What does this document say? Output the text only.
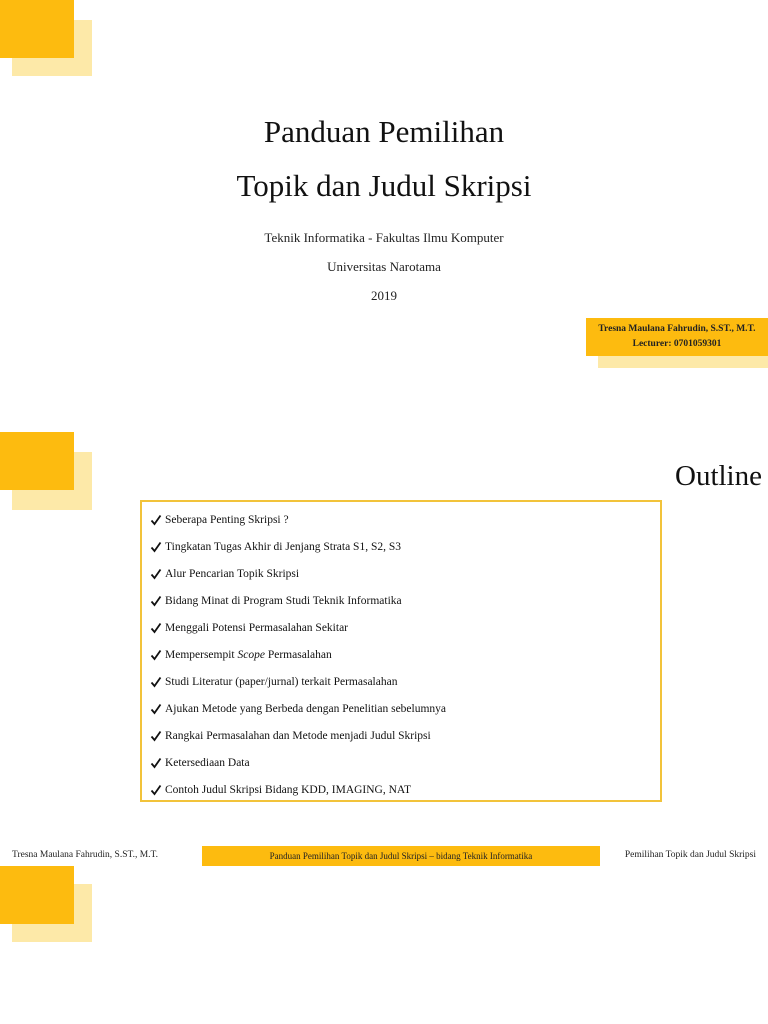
Panduan Pemilihan
Topik dan Judul Skripsi
Teknik Informatika - Fakultas Ilmu Komputer
Universitas Narotama
2019
Tresna Maulana Fahrudin, S.ST., M.T.
Lecturer: 0701059301
Outline
Seberapa Penting Skripsi ?
Tingkatan Tugas Akhir di Jenjang Strata S1, S2, S3
Alur Pencarian Topik Skripsi
Bidang Minat di Program Studi Teknik Informatika
Menggali Potensi Permasalahan Sekitar
Mempersempit Scope Permasalahan
Studi Literatur (paper/jurnal) terkait Permasalahan
Ajukan Metode yang Berbeda dengan Penelitian sebelumnya
Rangkai Permasalahan dan Metode menjadi Judul Skripsi
Ketersediaan Data
Contoh Judul Skripsi Bidang KDD, IMAGING, NAT
Tresna Maulana Fahrudin, S.ST., M.T.	Panduan Pemilihan Topik dan Judul Skripsi – bidang Teknik Informatika	Pemilihan Topik dan Judul Skripsi
